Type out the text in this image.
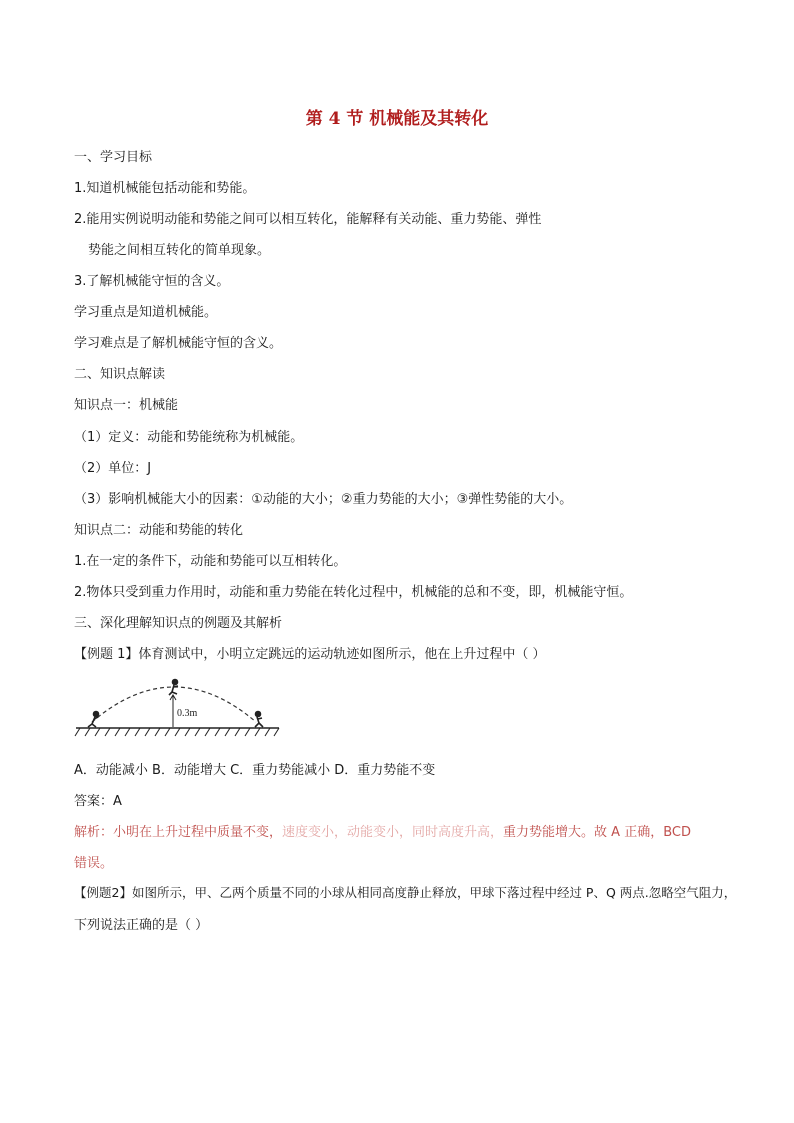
第 4 节 机械能及其转化
一、学习目标
1.知道机械能包括动能和势能。
2.能用实例说明动能和势能之间可以相互转化，能解释有关动能、重力势能、弹性
势能之间相互转化的简单现象。
3.了解机械能守恒的含义。
学习重点是知道机械能。
学习难点是了解机械能守恒的含义。
二、知识点解读
知识点一：机械能
（1）定义：动能和势能统称为机械能。
（2）单位：J
（3）影响机械能大小的因素：①动能的大小；②重力势能的大小；③弹性势能的大小。
知识点二：动能和势能的转化
1.在一定的条件下，动能和势能可以互相转化。
2.物体只受到重力作用时，动能和重力势能在转化过程中，机械能的总和不变，即，机械能守恒。
三、深化理解知识点的例题及其解析
【例题 1】体育测试中，小明立定跳远的运动轨迹如图所示，他在上升过程中（ ）
0.3m
A．动能减小 B．动能增大 C．重力势能减小 D．重力势能不变
答案：A
解析：小明在上升过程中质量不变，速度变小，动能变小，同时高度升高，重力势能增大。故 A 正确，BCD
错误。
【例题2】如图所示，甲、乙两个质量不同的小球从相同高度静止释放，甲球下落过程中经过 P、Q 两点.忽略空气阻力，
下列说法正确的是（ ）
